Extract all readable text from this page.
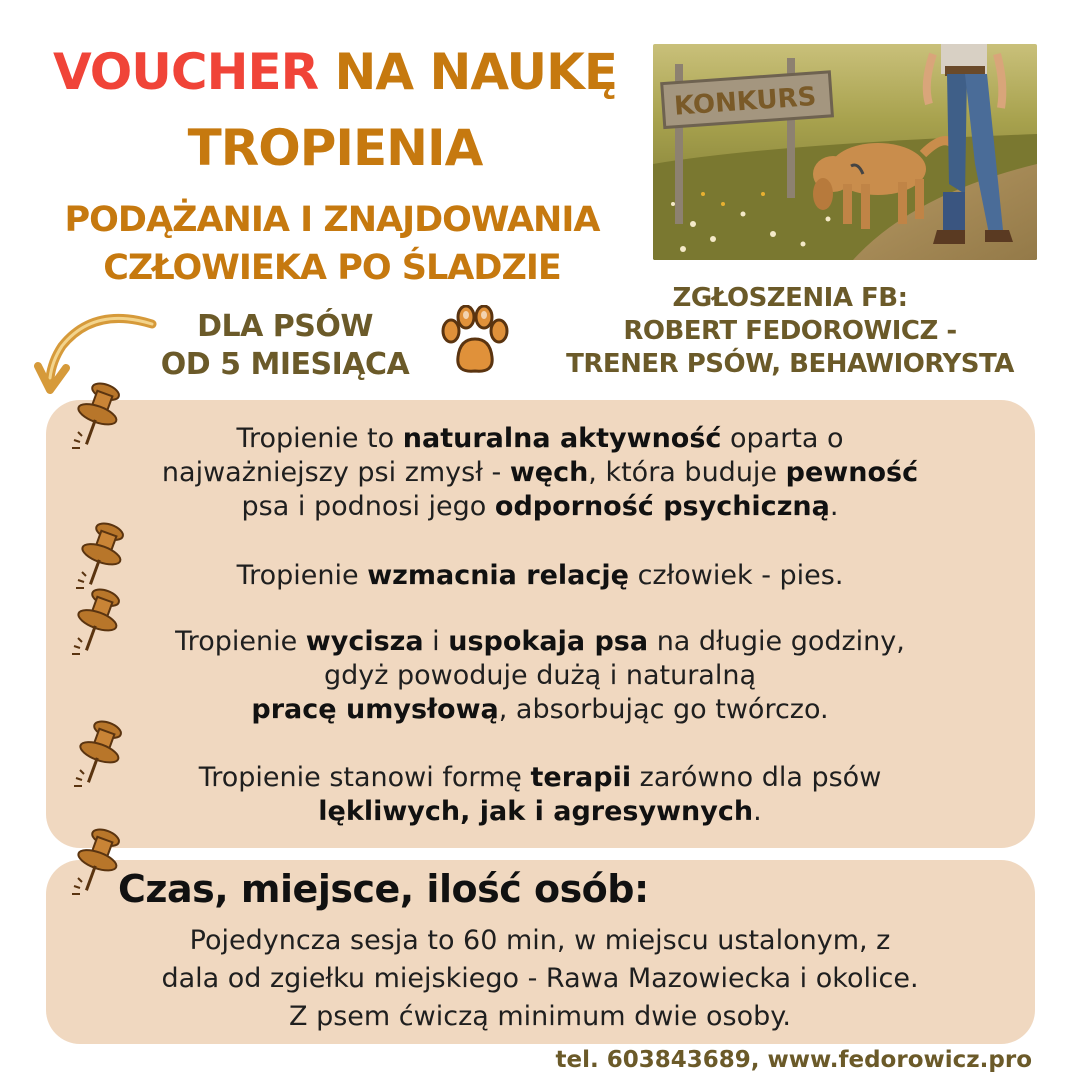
VOUCHER NA NAUKĘ
TROPIENIA
PODĄŻANIA I ZNAJDOWANIA
CZŁOWIEKA PO ŚLADZIE
KONKURS
DLA PSÓW
OD 5 MIESIĄCA
ZGŁOSZENIA FB:
ROBERT FEDOROWICZ -
TRENER PSÓW, BEHAWIORYSTA
Tropienie to naturalna aktywność oparta o
najważniejszy psi zmysł - węch, która buduje pewność
psa i podnosi jego odporność psychiczną.
Tropienie wzmacnia relację człowiek - pies.
Tropienie wycisza i uspokaja psa na długie godziny,
gdyż powoduje dużą i naturalną
pracę umysłową, absorbując go twórczo.
Tropienie stanowi formę terapii zarówno dla psów
lękliwych, jak i agresywnych.
Czas, miejsce, ilość osób:
Pojedyncza sesja to 60 min, w miejscu ustalonym, z
dala od zgiełku miejskiego - Rawa Mazowiecka i okolice.
Z psem ćwiczą minimum dwie osoby.
tel. 603843689, www.fedorowicz.pro
